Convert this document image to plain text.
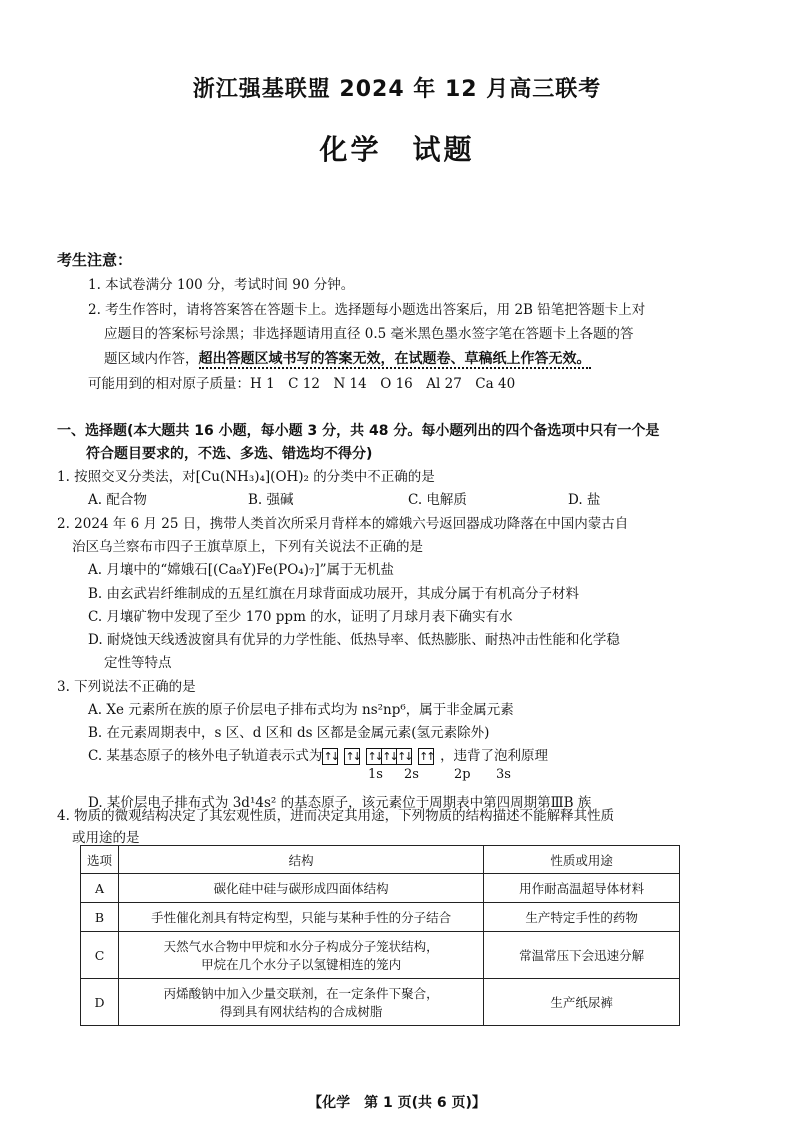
浙江强基联盟 2024 年 12 月高三联考
化学　试题
考生注意：
1. 本试卷满分 100 分，考试时间 90 分钟。
2. 考生作答时，请将答案答在答题卡上。选择题每小题选出答案后，用 2B 铅笔把答题卡上对
应题目的答案标号涂黑；非选择题请用直径 0.5 毫米黑色墨水签字笔在答题卡上各题的答
题区域内作答，超出答题区域书写的答案无效，在试题卷、草稿纸上作答无效。
可能用到的相对原子质量：H 1　C 12　N 14　O 16　Al 27　Ca 40
一、选择题(本大题共 16 小题，每小题 3 分，共 48 分。每小题列出的四个备选项中只有一个是
符合题目要求的，不选、多选、错选均不得分)
1. 按照交叉分类法，对[Cu(NH₃)₄](OH)₂ 的分类中不正确的是
A. 配合物	B. 强碱	C. 电解质	D. 盐
2. 2024 年 6 月 25 日，携带人类首次所采月背样本的嫦娥六号返回器成功降落在中国内蒙古自
治区乌兰察布市四子王旗草原上，下列有关说法不正确的是
A. 月壤中的“嫦娥石[(Ca₈Y)Fe(PO₄)₇]”属于无机盐
B. 由玄武岩纤维制成的五星红旗在月球背面成功展开，其成分属于有机高分子材料
C. 月壤矿物中发现了至少 170 ppm 的水，证明了月球月表下确实有水
D. 耐烧蚀天线透波窗具有优异的力学性能、低热导率、低热膨胀、耐热冲击性能和化学稳
定性等特点
3. 下列说法不正确的是
A. Xe 元素所在族的原子价层电子排布式均为 ns²np⁶，属于非金属元素
B. 在元素周期表中，s 区、d 区和 ds 区都是金属元素(氢元素除外)
C. 某基态原子的核外电子轨道表示式为 ↑↓ ↑↓ ↑↓ ↑↓ ↑↓ ↑↑ ，违背了泡利原理
1s 2s	2p 3s
D. 某价层电子排布式为 3d¹4s² 的基态原子，该元素位于周期表中第四周期第ⅢB 族
4. 物质的微观结构决定了其宏观性质，进而决定其用途，下列物质的结构描述不能解释其性质
或用途的是
选项	结构	性质或用途
A	碳化硅中硅与碳形成四面体结构	用作耐高温超导体材料
B	手性催化剂具有特定构型，只能与某种手性的分子结合	生产特定手性的药物
C	天然气水合物中甲烷和水分子构成分子笼状结构，
甲烷在几个水分子以氢键相连的笼内	常温常压下会迅速分解
D	丙烯酸钠中加入少量交联剂，在一定条件下聚合，
得到具有网状结构的合成树脂	生产纸尿裤
【化学　第 1 页(共 6 页)】
